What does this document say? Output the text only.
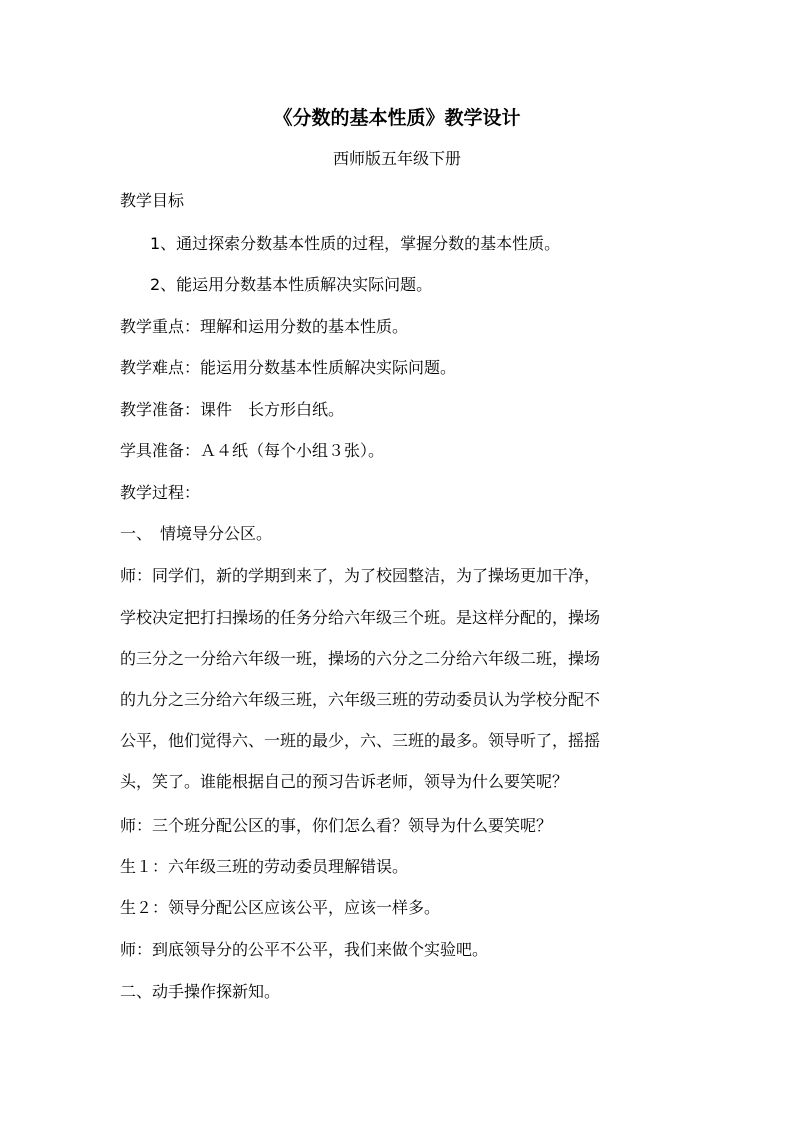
《分数的基本性质》教学设计
西师版五年级下册
教学目标
1、通过探索分数基本性质的过程，掌握分数的基本性质。
2、能运用分数基本性质解决实际问题。
教学重点：理解和运用分数的基本性质。
教学难点：能运用分数基本性质解决实际问题。
教学准备：课件　长方形白纸。
学具准备：Ａ４纸（每个小组３张）。
教学过程：
一、　情境导分公区。
师：同学们，新的学期到来了，为了校园整洁，为了操场更加干净，
学校决定把打扫操场的任务分给六年级三个班。是这样分配的，操场
的三分之一分给六年级一班，操场的六分之二分给六年级二班，操场
的九分之三分给六年级三班，六年级三班的劳动委员认为学校分配不
公平，他们觉得六、一班的最少，六、三班的最多。领导听了，摇摇
头，笑了。谁能根据自己的预习告诉老师，领导为什么要笑呢？
师：三个班分配公区的事，你们怎么看？领导为什么要笑呢？
生１：六年级三班的劳动委员理解错误。
生２：领导分配公区应该公平，应该一样多。
师：到底领导分的公平不公平，我们来做个实验吧。
二、动手操作探新知。
